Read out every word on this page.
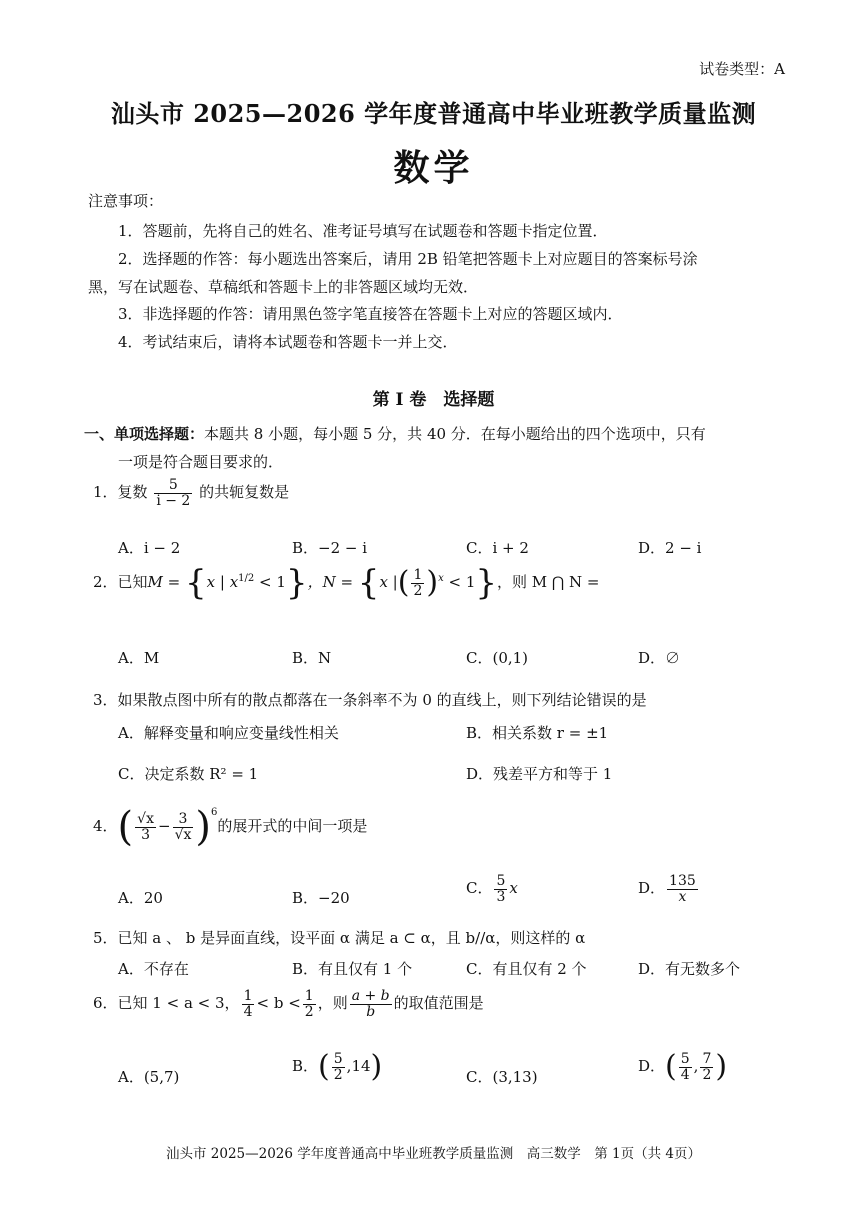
试卷类型：A
汕头市 2025—2026 学年度普通高中毕业班教学质量监测
数学
注意事项：
1．答题前，先将自己的姓名、准考证号填写在试题卷和答题卡指定位置．
2．选择题的作答：每小题选出答案后，请用 2B 铅笔把答题卡上对应题目的答案标号涂
黑，写在试题卷、草稿纸和答题卡上的非答题区域均无效．
3．非选择题的作答：请用黑色签字笔直接答在答题卡上对应的答题区域内．
4．考试结束后，请将本试题卷和答题卡一并上交．
第 I 卷　选择题
一、单项选择题：本题共 8 小题，每小题 5 分，共 40 分．在每小题给出的四个选项中，只有
一项是符合题目要求的．
1．复数 $\frac{5}{i - 2}$ 的共轭复数是
A．i − 2	B．−2 − i	C．i + 2	D．2 − i
2．已知M = {x | $x^{1/2} < 1$}，N = {x |( $\frac{1}{2} )^x < 1$}，则 M ⋂ N =
A．M	B．N	C．(0,1)	D．∅
3．如果散点图中所有的散点都落在一条斜率不为 0 的直线上，则下列结论错误的是
A．解释变量和响应变量线性相关	B．相关系数 r = ±1
C．决定系数 R² = 1	D．残差平方和等于 1
4．( $\frac{√x}{3} - \frac{3}{√x} )^6$的展开式的中间一项是
A．20	B．−20
C． $\frac{5}{3}$ x	D． $\frac{135}{x}$
5．已知 a 、 b 是异面直线，设平面 α 满足 a ⊂ α，且 b//α，则这样的 α
A．不存在	B．有且仅有 1 个	C．有且仅有 2 个	D．有无数多个
6．已知 1 < a < 3， $\frac{1}{4} < b < \frac{1}{2}$ ，则 $\frac{a + b}{b}$ 的取值范围是
A．(5,7)
B．( $\frac{5}{2} ,14$)	C．(3,13)
D．( $\frac{5}{4}$ , $\frac{7}{2}$ )
汕头市 2025—2026 学年度普通高中毕业班教学质量监测　高三数学　第 1页（共 4页）
